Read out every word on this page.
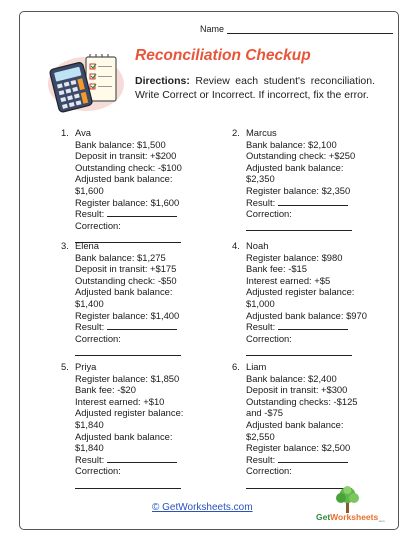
Name
Reconciliation Checkup
Directions: Review each student's reconciliation. Write Correct or Incorrect. If incorrect, fix the error.
1. Ava
Bank balance: $1,500
Deposit in transit: +$200
Outstanding check: -$100
Adjusted bank balance:
$1,600
Register balance: $1,600
Result:
Correction:
2. Marcus
Bank balance: $2,100
Outstanding check: +$250
Adjusted bank balance:
$2,350
Register balance: $2,350
Result:
Correction:
3. Elena
Bank balance: $1,275
Deposit in transit: +$175
Outstanding check: -$50
Adjusted bank balance:
$1,400
Register balance: $1,400
Result:
Correction:
4. Noah
Register balance: $980
Bank fee: -$15
Interest earned: +$5
Adjusted register balance:
$1,000
Adjusted bank balance: $970
Result:
Correction:
5. Priya
Register balance: $1,850
Bank fee: -$20
Interest earned: +$10
Adjusted register balance:
$1,840
Adjusted bank balance:
$1,840
Result:
Correction:
6. Liam
Bank balance: $2,400
Deposit in transit: +$300
Outstanding checks: -$125
and -$75
Adjusted bank balance:
$2,550
Register balance: $2,500
Result:
Correction:
© GetWorksheets.com
GetWorksheets .com
